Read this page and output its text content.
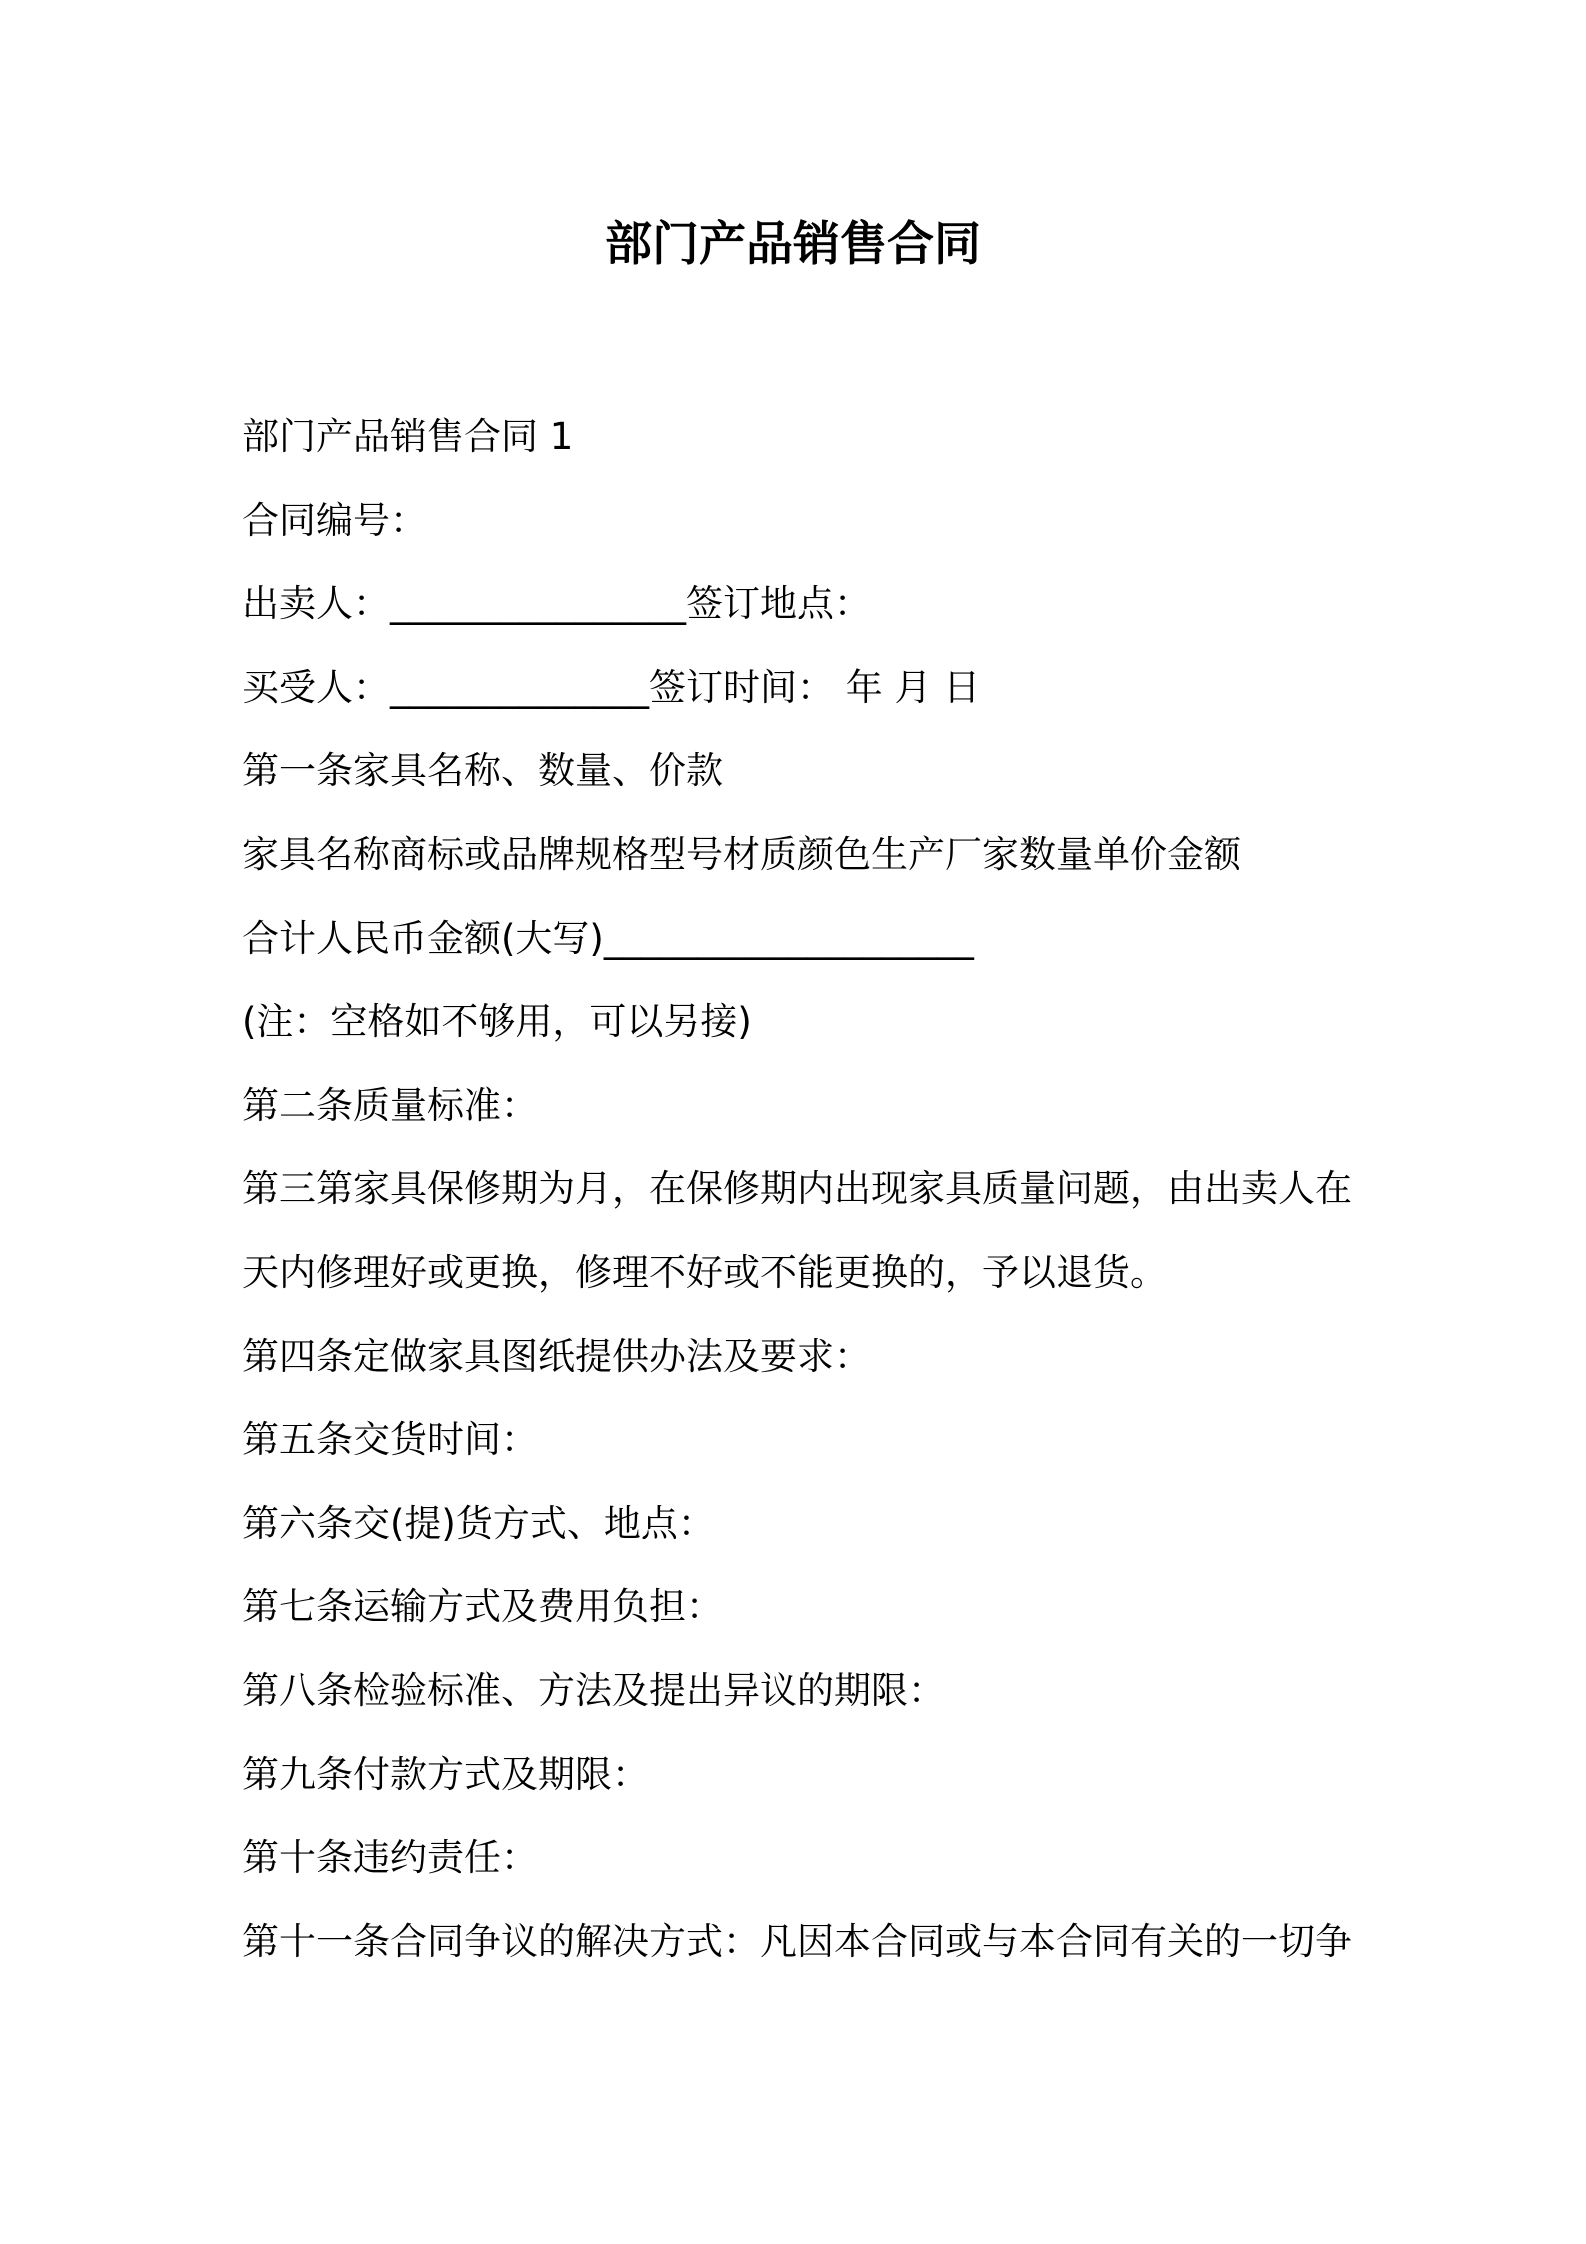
部门产品销售合同
部门产品销售合同 1
合同编号：
出卖人：________________签订地点：
买受人：______________签订时间： 年 月 日
第一条家具名称、数量、价款
家具名称商标或品牌规格型号材质颜色生产厂家数量单价金额
合计人民币金额(大写)____________________
(注：空格如不够用，可以另接)
第二条质量标准：
第三第家具保修期为月，在保修期内出现家具质量问题，由出卖人在
天内修理好或更换，修理不好或不能更换的，予以退货。
第四条定做家具图纸提供办法及要求：
第五条交货时间：
第六条交(提)货方式、地点：
第七条运输方式及费用负担：
第八条检验标准、方法及提出异议的期限：
第九条付款方式及期限：
第十条违约责任：
第十一条合同争议的解决方式：凡因本合同或与本合同有关的一切争
